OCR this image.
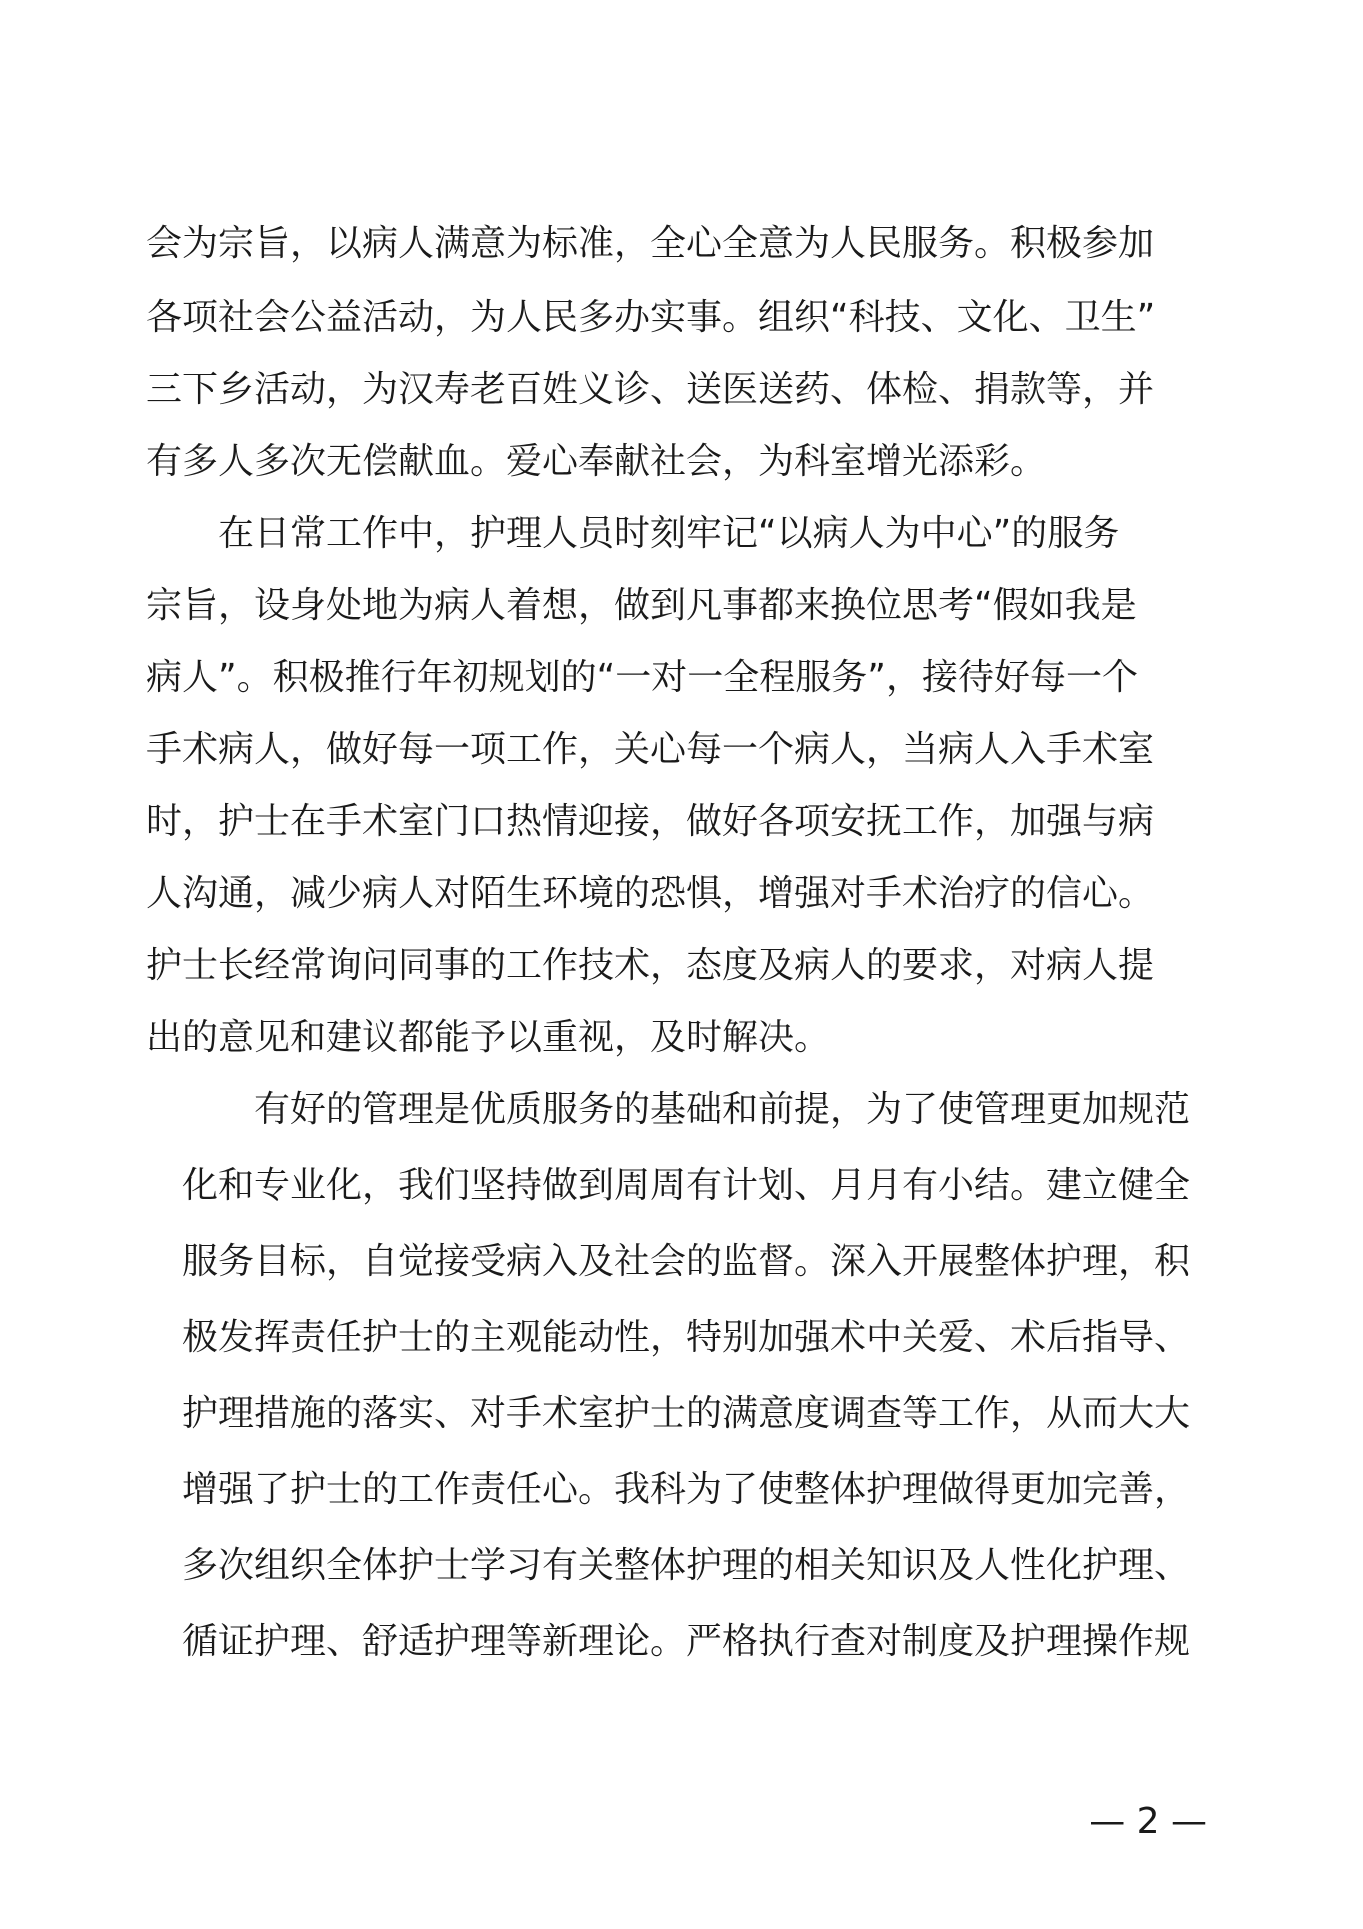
会为宗旨，以病人满意为标准，全心全意为人民服务。积极参加
各项社会公益活动，为人民多办实事。组织“科技、文化、卫生”
三下乡活动，为汉寿老百姓义诊、送医送药、体检、捐款等，并
有多人多次无偿献血。爱心奉献社会，为科室增光添彩。
　　在日常工作中，护理人员时刻牢记“以病人为中心”的服务
宗旨，设身处地为病人着想，做到凡事都来换位思考“假如我是
病人”。积极推行年初规划的“一对一全程服务”，接待好每一个
手术病人，做好每一项工作，关心每一个病人，当病人入手术室
时，护士在手术室门口热情迎接，做好各项安抚工作，加强与病
人沟通，减少病人对陌生环境的恐惧，增强对手术治疗的信心。
护士长经常询问同事的工作技术，态度及病人的要求，对病人提
出的意见和建议都能予以重视，及时解决。
　　有好的管理是优质服务的基础和前提，为了使管理更加规范
化和专业化，我们坚持做到周周有计划、月月有小结。建立健全
服务目标，自觉接受病入及社会的监督。深入开展整体护理，积
极发挥责任护士的主观能动性，特别加强术中关爱、术后指导、
护理措施的落实、对手术室护士的满意度调查等工作，从而大大
增强了护士的工作责任心。我科为了使整体护理做得更加完善，
多次组织全体护士学习有关整体护理的相关知识及人性化护理、
循证护理、舒适护理等新理论。严格执行查对制度及护理操作规
— 2 —
